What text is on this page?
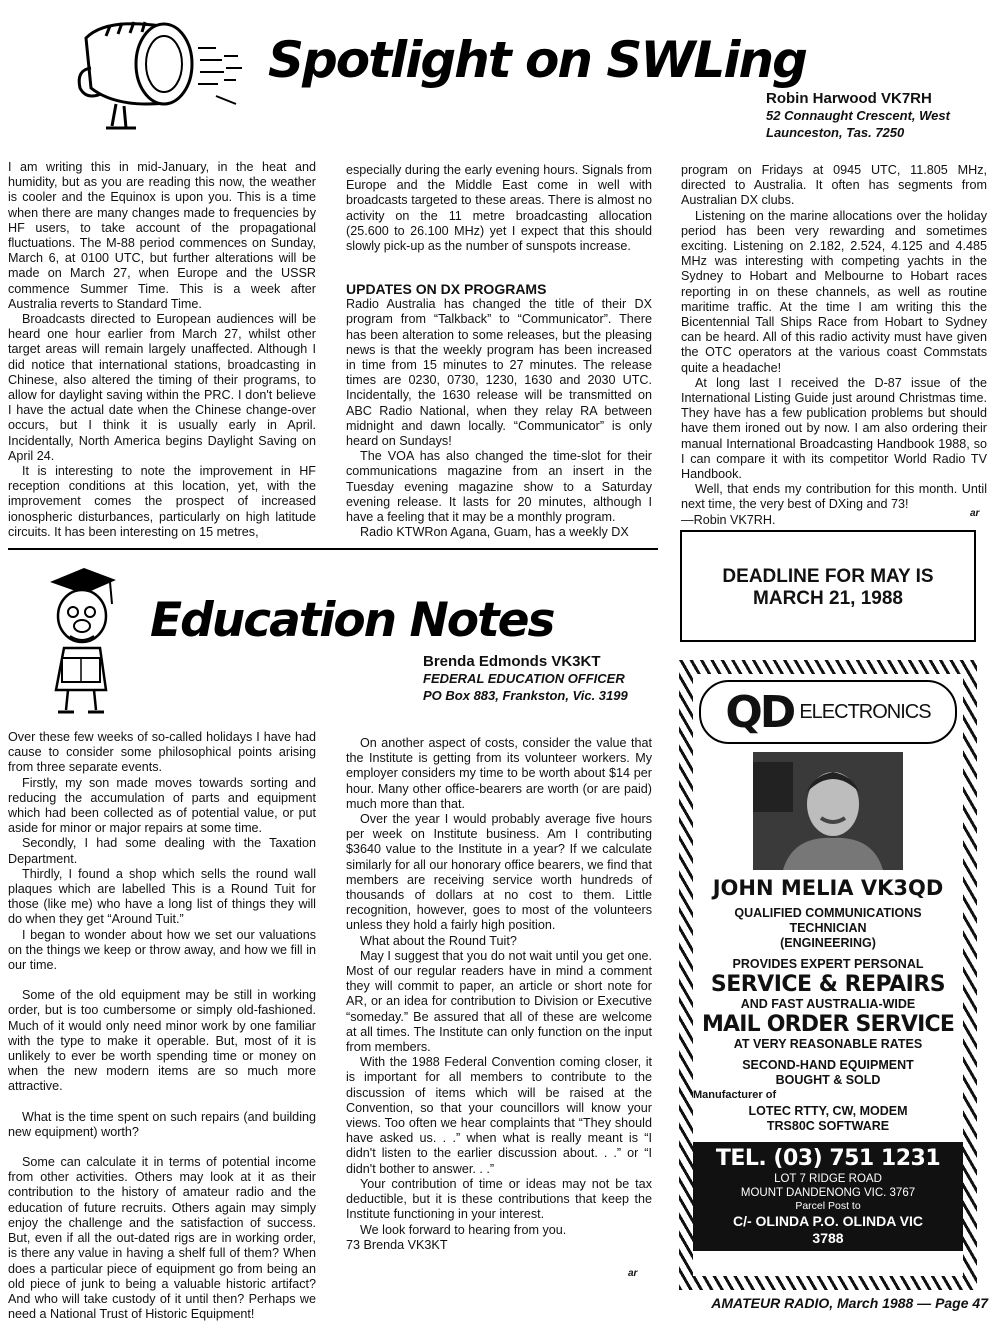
Spotlight on SWLing
Robin Harwood VK7RH
52 Connaught Crescent, West
Launceston, Tas. 7250

I am writing this in mid-January, in the heat and humidity, but as you are reading this now, the weather is cooler and the Equinox is upon you. This is a time when there are many changes made to frequencies by HF users, to take account of the propagational fluctuations. The M-88 period commences on Sunday, March 6, at 0100 UTC, but further alterations will be made on March 27, when Europe and the USSR commence Summer Time. This is a week after Australia reverts to Standard Time.

Broadcasts directed to European audiences will be heard one hour earlier from March 27, whilst other target areas will remain largely unaffected. Although I did notice that international stations, broadcasting in Chinese, also altered the timing of their programs, to allow for daylight saving within the PRC. I don't believe I have the actual date when the Chinese change-over occurs, but I think it is usually early in April. Incidentally, North America begins Daylight Saving on April 24.

It is interesting to note the improvement in HF reception conditions at this location, yet, with the improvement comes the prospect of increased ionospheric disturbances, particularly on high latitude circuits. It has been interesting on 15 metres,

especially during the early evening hours. Signals from Europe and the Middle East come in well with broadcasts targeted to these areas. There is almost no activity on the 11 metre broadcasting allocation (25.600 to 26.100 MHz) yet I expect that this should slowly pick-up as the number of sunspots increase.

UPDATES ON DX PROGRAMS

Radio Australia has changed the title of their DX program from “Talkback” to “Communicator”. There has been alteration to some releases, but the pleasing news is that the weekly program has been increased in time from 15 minutes to 27 minutes. The release times are 0230, 0730, 1230, 1630 and 2030 UTC. Incidentally, the 1630 release will be transmitted on ABC Radio National, when they relay RA between midnight and dawn locally. “Communicator” is only heard on Sundays!

The VOA has also changed the time-slot for their communications magazine from an insert in the Tuesday evening magazine show to a Saturday evening release. It lasts for 20 minutes, although I have a feeling that it may be a monthly program.

Radio KTWRon Agana, Guam, has a weekly DX

program on Fridays at 0945 UTC, 11.805 MHz, directed to Australia. It often has segments from Australian DX clubs.

Listening on the marine allocations over the holiday period has been very rewarding and sometimes exciting. Listening on 2.182, 2.524, 4.125 and 4.485 MHz was interesting with competing yachts in the Sydney to Hobart and Melbourne to Hobart races reporting in on these channels, as well as routine maritime traffic. At the time I am writing this the Bicentennial Tall Ships Race from Hobart to Sydney can be heard. All of this radio activity must have given the OTC operators at the various coast Commstats quite a headache!

At long last I received the D-87 issue of the International Listing Guide just around Christmas time. They have has a few publication problems but should have them ironed out by now. I am also ordering their manual International Broadcasting Handbook 1988, so I can compare it with its competitor World Radio TV Handbook.

Well, that ends my contribution for this month. Until next time, the very best of DXing and 73!

—Robin VK7RH.	ar
DEADLINE FOR MAY IS
MARCH 21, 1988
Education Notes
Brenda Edmonds VK3KT
FEDERAL EDUCATION OFFICER
PO Box 883, Frankston, Vic. 3199

Over these few weeks of so-called holidays I have had cause to consider some philosophical points arising from three separate events.

Firstly, my son made moves towards sorting and reducing the accumulation of parts and equipment which had been collected as of potential value, or put aside for minor or major repairs at some time.

Secondly, I had some dealing with the Taxation Department.

Thirdly, I found a shop which sells the round wall plaques which are labelled This is a Round Tuit for those (like me) who have a long list of things they will do when they get “Around Tuit.”

I began to wonder about how we set our valuations on the things we keep or throw away, and how we fill in our time.

Some of the old equipment may be still in working order, but is too cumbersome or simply old-fashioned. Much of it would only need minor work by one familiar with the type to make it operable. But, most of it is unlikely to ever be worth spending time or money on when the new modern items are so much more attractive.

What is the time spent on such repairs (and building new equipment) worth?

Some can calculate it in terms of potential income from other activities. Others may look at it as their contribution to the history of amateur radio and the education of future recruits. Others again may simply enjoy the challenge and the satisfaction of success. But, even if all the out-dated rigs are in working order, is there any value in having a shelf full of them? When does a particular piece of equipment go from being an old piece of junk to being a valuable historic artifact? And who will take custody of it until then? Perhaps we need a National Trust of Historic Equipment!

On another aspect of costs, consider the value that the Institute is getting from its volunteer workers. My employer considers my time to be worth about $14 per hour. Many other office-bearers are worth (or are paid) much more than that.

Over the year I would probably average five hours per week on Institute business. Am I contributing $3640 value to the Institute in a year? If we calculate similarly for all our honorary office bearers, we find that members are receiving service worth hundreds of thousands of dollars at no cost to them. Little recognition, however, goes to most of the volunteers unless they hold a fairly high position.

What about the Round Tuit?

May I suggest that you do not wait until you get one. Most of our regular readers have in mind a comment they will commit to paper, an article or short note for AR, or an idea for contribution to Division or Executive “someday.” Be assured that all of these are welcome at all times. The Institute can only function on the input from members.

With the 1988 Federal Convention coming closer, it is important for all members to contribute to the discussion of items which will be raised at the Convention, so that your councillors will know your views. Too often we hear complaints that “They should have asked us. . .” when what is really meant is “I didn't listen to the earlier discussion about. . .” or “I didn't bother to answer. . .”

Your contribution of time or ideas may not be tax deductible, but it is these contributions that keep the Institute functioning in your interest.

We look forward to hearing from you.

73 Brenda VK3KT

ar
QD ELECTRONICS
JOHN MELIA VK3QD
QUALIFIED COMMUNICATIONS
TECHNICIAN
(ENGINEERING)
PROVIDES EXPERT PERSONAL
SERVICE & REPAIRS
AND FAST AUSTRALIA-WIDE
MAIL ORDER SERVICE
AT VERY REASONABLE RATES
SECOND-HAND EQUIPMENT
BOUGHT & SOLD
Manufacturer of
LOTEC RTTY, CW, MODEM
TRS80C SOFTWARE
TEL. (03) 751 1231
LOT 7 RIDGE ROAD
MOUNT DANDENONG VIC. 3767
Parcel Post to
C/- OLINDA P.O. OLINDA VIC
3788
AMATEUR RADIO, March 1988 — Page 47
